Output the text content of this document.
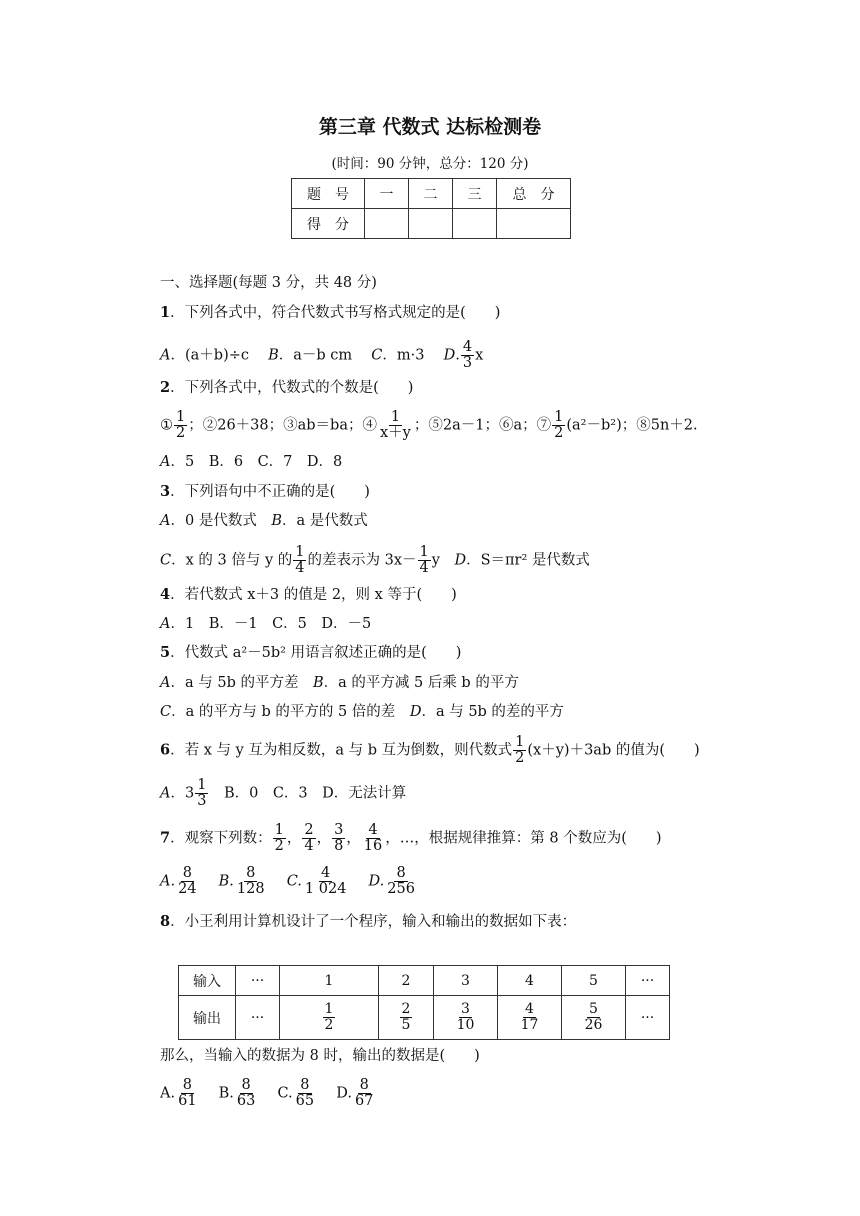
第三章 代数式 达标检测卷
(时间：90 分钟，总分：120 分)
题　号	一	二	三	总　分
得　分				
一、选择题(每题 3 分，共 48 分)
1．下列各式中，符合代数式书写格式规定的是(　　)
A．(a＋b)÷c　 B．a－b cm　 C．m·3　 D. $\frac{4}{3}$ x
2．下列各式中，代数式的个数是(　　)
① $\frac{1}{2}$ ；②26＋38；③ab＝ba；④ $\frac{1}{x+y}$ ；⑤2a－1；⑥a；⑦ $\frac{1}{2} (a^2-b^2)$；⑧5n＋2.
A．5　B．6　C．7　D．8
3．下列语句中不正确的是(　　)
A．0 是代数式　 B．a 是代数式
C．x 的 3 倍与 y 的 $\frac{1}{4}$ 的差表示为 $3x- \frac{1}{4}$ y　 D．S＝πr² 是代数式
4．若代数式 x＋3 的值是 2，则 x 等于(　　)
A．1　B．－1　C．5　D．－5
5．代数式 a²－5b² 用语言叙述正确的是(　　)
A．a 与 5b 的平方差　 B．a 的平方减 5 后乘 b 的平方
C．a 的平方与 b 的平方的 5 倍的差　 D．a 与 5b 的差的平方
6．若 x 与 y 互为相反数，a 与 b 互为倒数，则代数式 $\frac{1}{2} (x+y)+3ab$ 的值为(　　)
A．$3 \frac{1}{3}$
　 B．0　C．3　D．无法计算
7．观察下列数： $\frac{1}{2}$ ， $\frac{2}{4}$ ， $\frac{3}{8}$ ， $\frac{4}{16}$ ，…，根据规律推算：第 8 个数应为(　　)
A. $\frac{8}{24}$
　 B. $\frac{8}{128}$
　 C. $\frac{4}{1 024}$
　 D. $\frac{8}{256}$
8．小王利用计算机设计了一个程序，输入和输出的数据如下表：
输入	···	1	2	3	4	5	···
输出	···	$\frac{1}{2}$	$\frac{2}{5}$	$\frac{3}{10}$	$\frac{4}{17}$	$\frac{5}{26}$	···
那么，当输入的数据为 8 时，输出的数据是(　　)
A. $\frac{8}{61}$
　 B. $\frac{8}{63}$
　 C. $\frac{8}{65}$
　 D. $\frac{8}{67}$
